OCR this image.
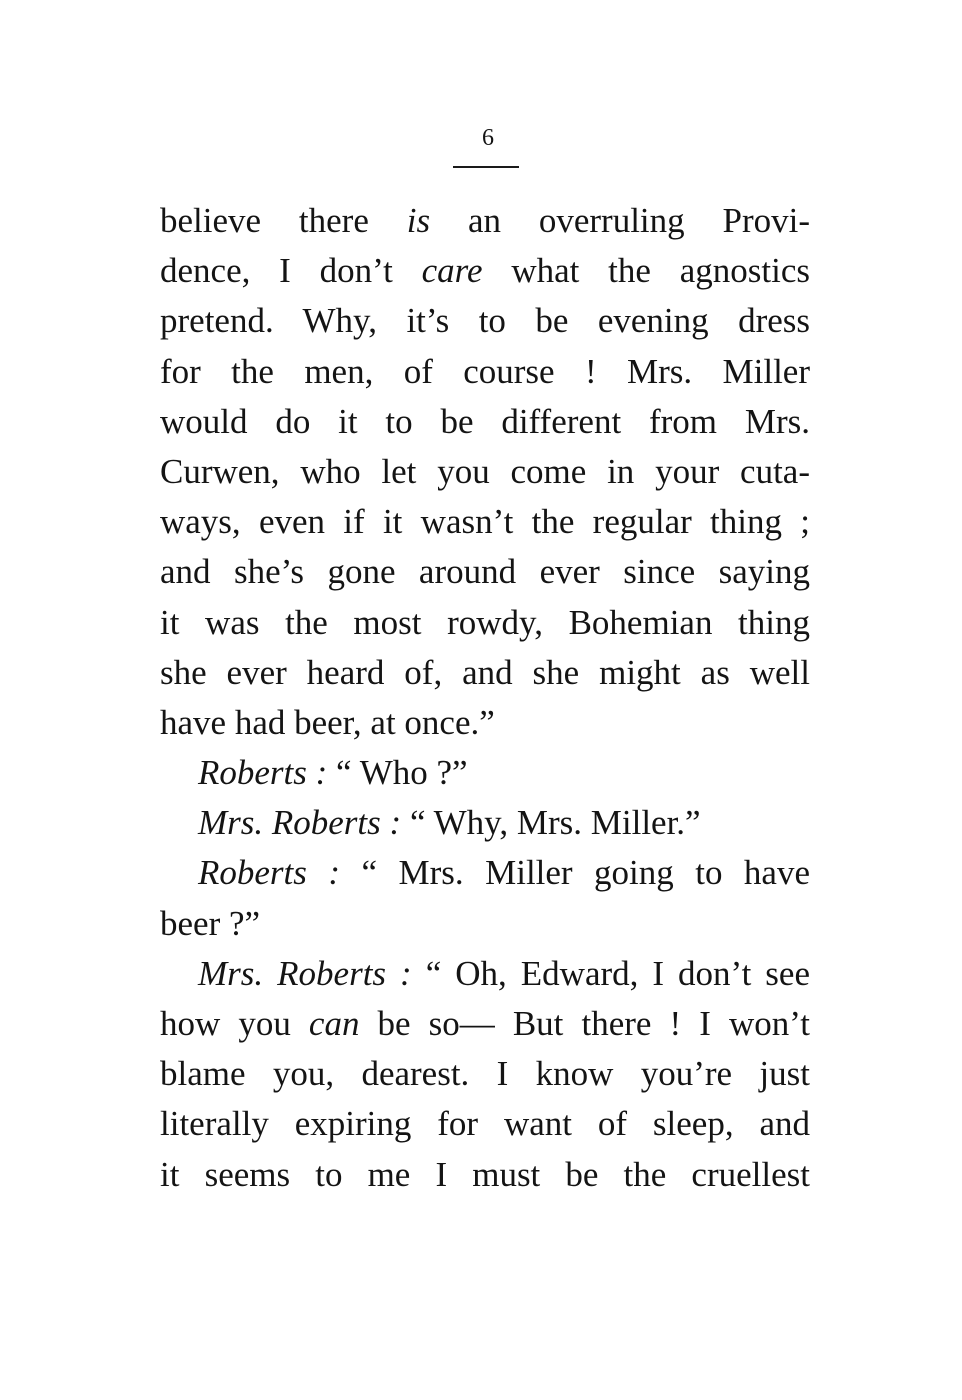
6
believe there is an overruling Provi-
dence, I don’t care what the agnostics
pretend. Why, it’s to be evening dress
for the men, of course ! Mrs. Miller
would do it to be different from Mrs.
Curwen, who let you come in your cuta-
ways, even if it wasn’t the regular thing ;
and she’s gone around ever since saying
it was the most rowdy, Bohemian thing
she ever heard of, and she might as well
have had beer, at once.”
Roberts : “ Who ?”
Mrs. Roberts : “ Why, Mrs. Miller.”
Roberts : “ Mrs. Miller going to have
beer ?”
Mrs. Roberts : “ Oh, Edward, I don’t see
how you can be so— But there ! I won’t
blame you, dearest. I know you’re just
literally expiring for want of sleep, and
it seems to me I must be the cruellest
